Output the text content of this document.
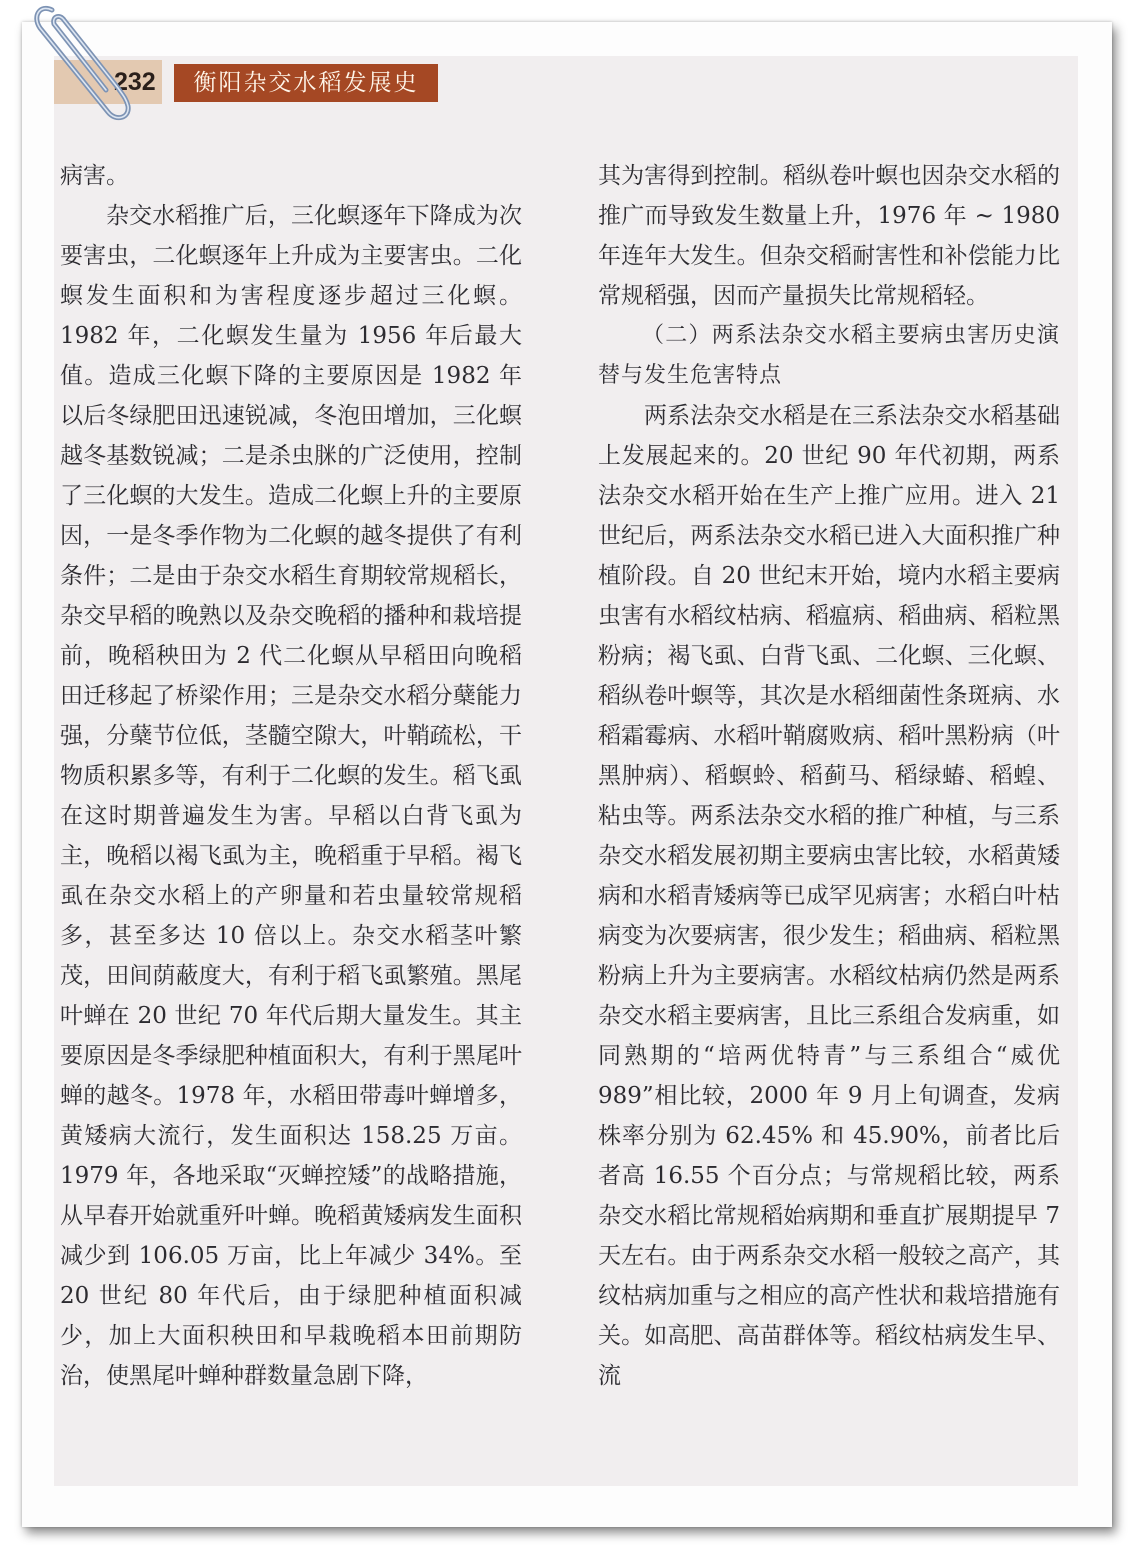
232	衡阳杂交水稻发展史

病害。

杂交水稻推广后，三化螟逐年下降成为次要害虫，二化螟逐年上升成为主要害虫。二化螟发生面积和为害程度逐步超过三化螟。1982 年，二化螟发生量为 1956 年后最大值。造成三化螟下降的主要原因是 1982 年以后冬绿肥田迅速锐减，冬泡田增加，三化螟越冬基数锐减；二是杀虫脒的广泛使用，控制了三化螟的大发生。造成二化螟上升的主要原因，一是冬季作物为二化螟的越冬提供了有利条件；二是由于杂交水稻生育期较常规稻长，杂交早稻的晚熟以及杂交晚稻的播种和栽培提前，晚稻秧田为 2 代二化螟从早稻田向晚稻田迁移起了桥梁作用；三是杂交水稻分蘖能力强，分蘖节位低，茎髓空隙大，叶鞘疏松，干物质积累多等，有利于二化螟的发生。稻飞虱在这时期普遍发生为害。早稻以白背飞虱为主，晚稻以褐飞虱为主，晚稻重于早稻。褐飞虱在杂交水稻上的产卵量和若虫量较常规稻多，甚至多达 10 倍以上。杂交水稻茎叶繁茂，田间荫蔽度大，有利于稻飞虱繁殖。黑尾叶蝉在 20 世纪 70 年代后期大量发生。其主要原因是冬季绿肥种植面积大，有利于黑尾叶蝉的越冬。1978 年，水稻田带毒叶蝉增多，黄矮病大流行，发生面积达 158.25 万亩。1979 年，各地采取“灭蝉控矮”的战略措施，从早春开始就重歼叶蝉。晚稻黄矮病发生面积减少到 106.05 万亩，比上年减少 34%。至 20 世纪 80 年代后，由于绿肥种植面积减少，加上大面积秧田和早栽晚稻本田前期防治，使黑尾叶蝉种群数量急剧下降，

其为害得到控制。稻纵卷叶螟也因杂交水稻的推广而导致发生数量上升，1976 年 ~ 1980 年连年大发生。但杂交稻耐害性和补偿能力比常规稻强，因而产量损失比常规稻轻。

（二）两系法杂交水稻主要病虫害历史演替与发生危害特点

两系法杂交水稻是在三系法杂交水稻基础上发展起来的。20 世纪 90 年代初期，两系法杂交水稻开始在生产上推广应用。进入 21 世纪后，两系法杂交水稻已进入大面积推广种植阶段。自 20 世纪末开始，境内水稻主要病虫害有水稻纹枯病、稻瘟病、稻曲病、稻粒黑粉病；褐飞虱、白背飞虱、二化螟、三化螟、稻纵卷叶螟等，其次是水稻细菌性条斑病、水稻霜霉病、水稻叶鞘腐败病、稻叶黑粉病（叶黑肿病）、稻螟蛉、稻蓟马、稻绿蝽、稻蝗、粘虫等。两系法杂交水稻的推广种植，与三系杂交水稻发展初期主要病虫害比较，水稻黄矮病和水稻青矮病等已成罕见病害；水稻白叶枯病变为次要病害，很少发生；稻曲病、稻粒黑粉病上升为主要病害。水稻纹枯病仍然是两系杂交水稻主要病害，且比三系组合发病重，如同熟期的“培两优特青”与三系组合“威优 989”相比较，2000 年 9 月上旬调查，发病株率分别为 62.45% 和 45.90%，前者比后者高 16.55 个百分点；与常规稻比较，两系杂交水稻比常规稻始病期和垂直扩展期提早 7 天左右。由于两系杂交水稻一般较之高产，其纹枯病加重与之相应的高产性状和栽培措施有关。如高肥、高苗群体等。稻纹枯病发生早、流
